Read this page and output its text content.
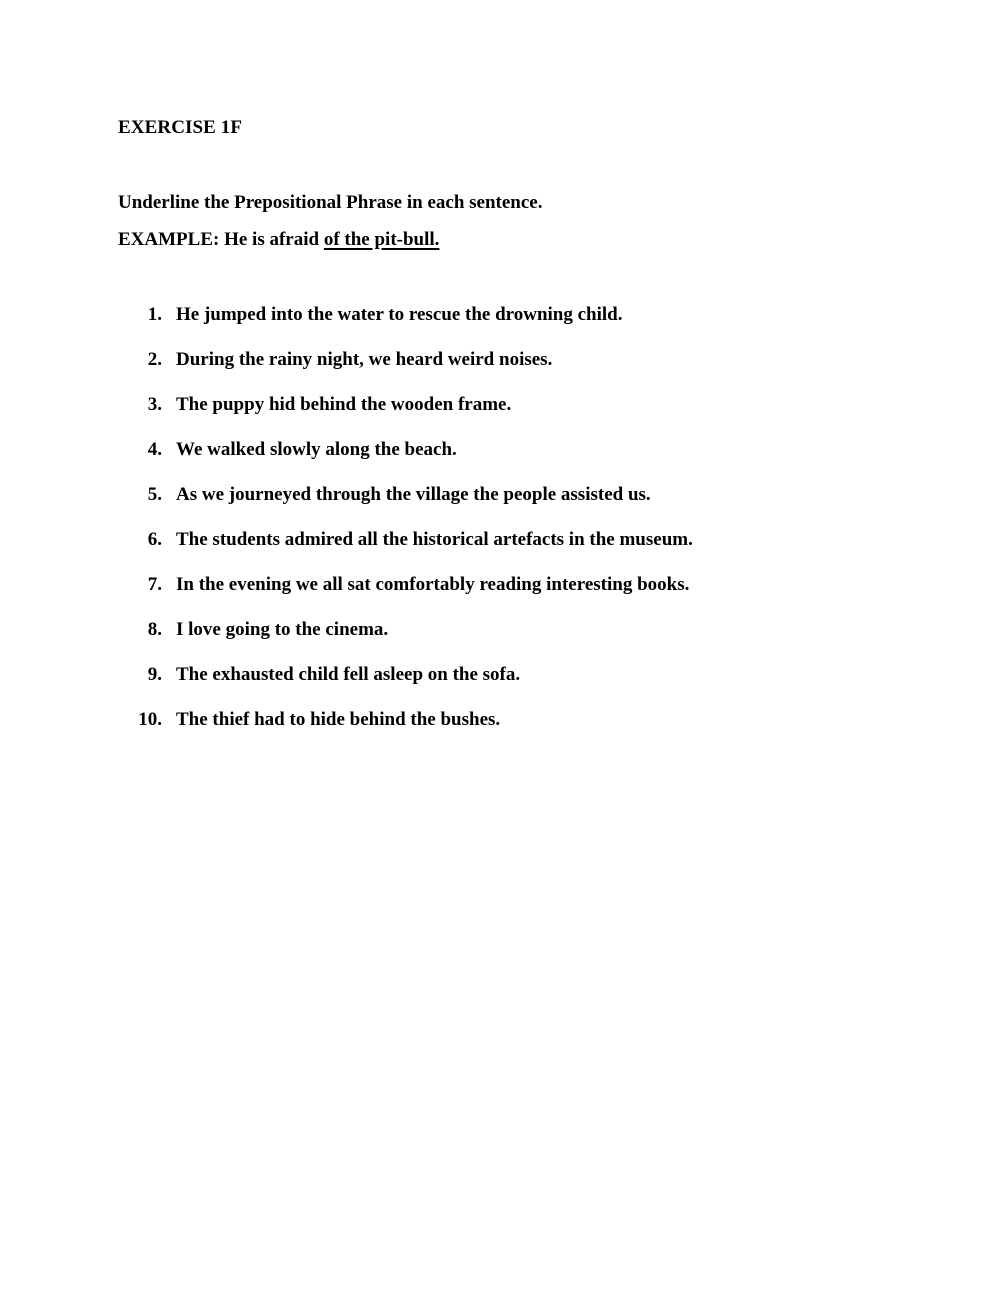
EXERCISE 1F
Underline the Prepositional Phrase in each sentence.
EXAMPLE: He is afraid of the pit-bull.
1. He jumped into the water to rescue the drowning child.
2. During the rainy night, we heard weird noises.
3. The puppy hid behind the wooden frame.
4. We walked slowly along the beach.
5. As we journeyed through the village the people assisted us.
6. The students admired all the historical artefacts in the museum.
7. In the evening we all sat comfortably reading interesting books.
8. I love going to the cinema.
9. The exhausted child fell asleep on the sofa.
10. The thief had to hide behind the bushes.
